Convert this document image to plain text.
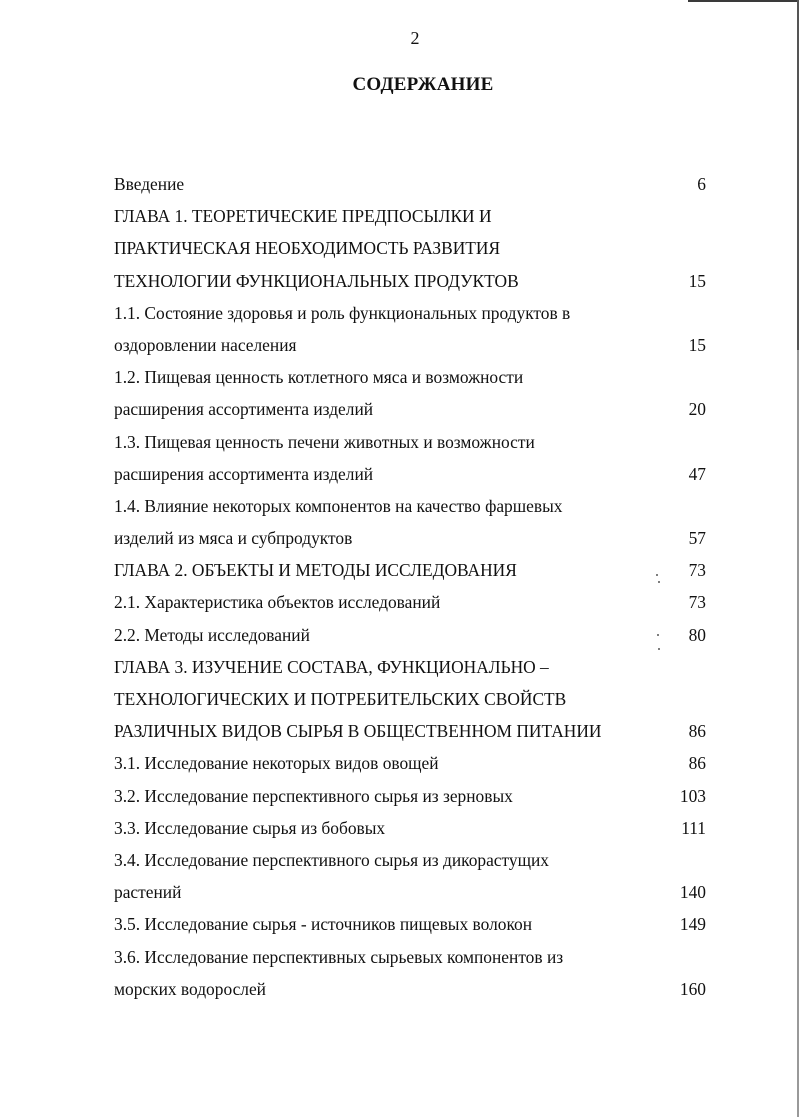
2
СОДЕРЖАНИЕ
Введение	6
ГЛАВА 1. ТЕОРЕТИЧЕСКИЕ ПРЕДПОСЫЛКИ И
ПРАКТИЧЕСКАЯ НЕОБХОДИМОСТЬ РАЗВИТИЯ
ТЕХНОЛОГИИ ФУНКЦИОНАЛЬНЫХ ПРОДУКТОВ	15
1.1. Состояние здоровья и роль функциональных продуктов в
оздоровлении населения	15
1.2. Пищевая ценность котлетного мяса и возможности
расширения ассортимента изделий	20
1.3. Пищевая ценность печени животных и возможности
расширения ассортимента изделий	47
1.4. Влияние некоторых компонентов на качество фаршевых
изделий из мяса и субпродуктов	57
ГЛАВА 2. ОБЪЕКТЫ И МЕТОДЫ ИССЛЕДОВАНИЯ	73
2.1. Характеристика объектов исследований	73
2.2. Методы исследований	80
ГЛАВА 3. ИЗУЧЕНИЕ СОСТАВА, ФУНКЦИОНАЛЬНО –
ТЕХНОЛОГИЧЕСКИХ И ПОТРЕБИТЕЛЬСКИХ СВОЙСТВ
РАЗЛИЧНЫХ ВИДОВ СЫРЬЯ В ОБЩЕСТВЕННОМ ПИТАНИИ	86
3.1. Исследование некоторых видов овощей	86
3.2. Исследование перспективного сырья из зерновых	103
3.3. Исследование сырья из бобовых	111
3.4. Исследование перспективного сырья из дикорастущих
растений	140
3.5. Исследование сырья - источников пищевых волокон	149
3.6. Исследование перспективных сырьевых компонентов из
морских водорослей	160
